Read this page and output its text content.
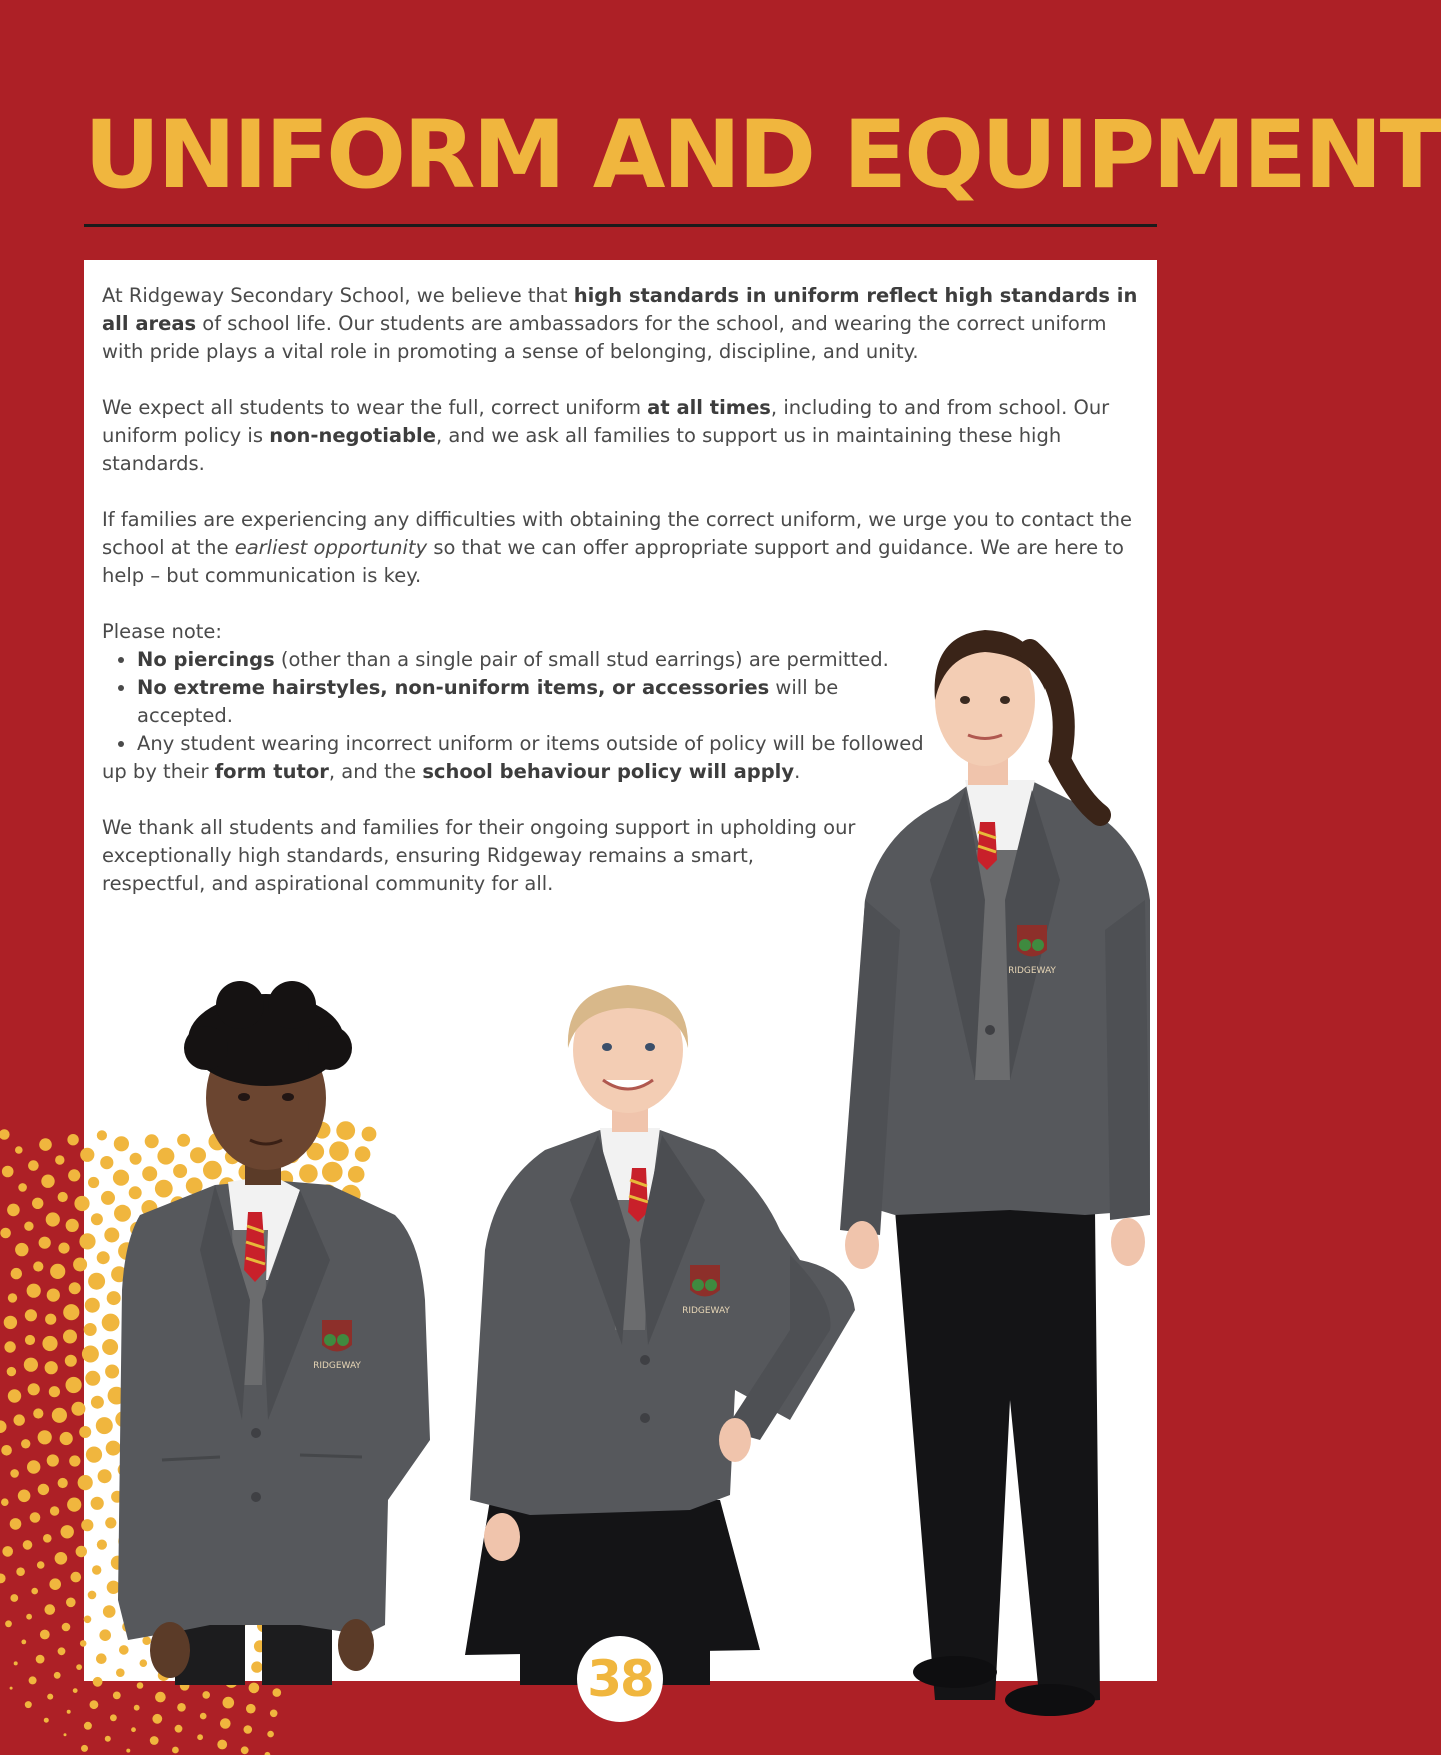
UNIFORM AND EQUIPMENT
RIDGEWAY
RIDGEWAY
RIDGEWAY

At Ridgeway Secondary School, we believe that high standards in uniform reflect high standards in all areas of school life. Our students are ambassadors for the school, and wearing the correct uniform with pride plays a vital role in promoting a sense of belonging, discipline, and unity.

We expect all students to wear the full, correct uniform at all times, including to and from school. Our uniform policy is non-negotiable, and we ask all families to support us in maintaining these high standards.

If families are experiencing any difficulties with obtaining the correct uniform, we urge you to contact the school at the earliest opportunity so that we can offer appropriate support and guidance. We are here to help – but communication is key.

Please note:
• No piercings (other than a single pair of small stud earrings) are permitted.
• No extreme hairstyles, non-uniform items, or accessories will be accepted.
• Any student wearing incorrect uniform or items outside of policy will be followed

up by their form tutor, and the school behaviour policy will apply.

We thank all students and families for their ongoing support in upholding our exceptionally high standards, ensuring Ridgeway remains a smart, respectful, and aspirational community for all.

38
